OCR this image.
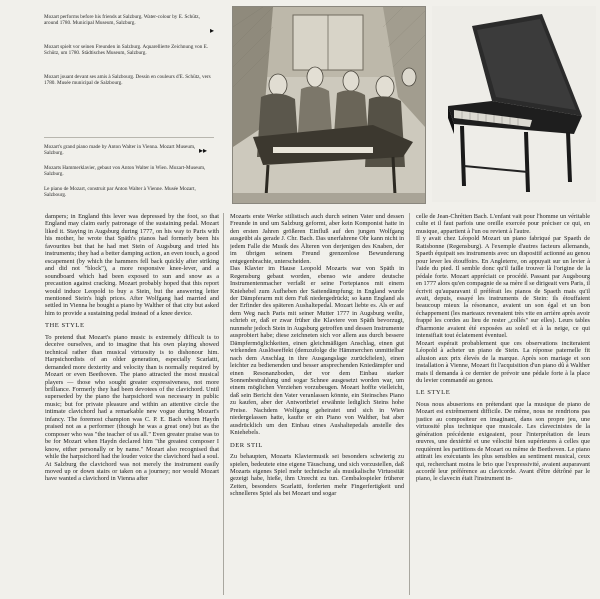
Mozart performs before his friends at Salzburg. Water-colour by E. Schütz, around 1780. Municipal Museum, Salzburg.
▸
Mozart spielt vor seinen Freunden in Salzburg. Aquarellierte Zeichnung von E. Schütz, um 1780. Städtisches Museum, Salzburg.
Mozart jouant devant ses amis à Salzbourg. Dessin en couleurs d'E. Schütz, vers 1780. Musée municipal de Salzbourg.
Mozart's grand piano made by Anton Walter in Vienna. Mozart Museum, Salzburg.	▸▸
Mozarts Hammerklavier, gebaut von Anton Walter in Wien. Mozart-Museum, Salzburg.
Le piano de Mozart, construit par Anton Walter à Vienne. Musée Mozart, Salzbourg.

dampers; in England this lever was depressed by the foot, so that England may claim early patronage of the sustaining pedal. Mozart liked it. Staying in Augsburg during 1777, on his way to Paris with his mother, he wrote that Späth's pianos had formerly been his favourites but that he had met Stein of Augsburg and tried his instruments; they had a better damping action, an even touch, a good escapement (by which the hammers fell back quickly after striking and did not "block"), a more responsive knee-lever, and a soundboard which had been exposed to sun and snow as a precaution against cracking. Mozart probably hoped that this report would induce Leopold to buy a Stein, but the answering letter mentioned Stein's high prices. After Wolfgang had married and settled in Vienna he bought a piano by Walther of that city but asked him to provide a sustaining pedal instead of a knee device.

THE STYLE

To pretend that Mozart's piano music is extremely difficult is to deceive ourselves, and to imagine that his own playing showed technical rather than musical virtuosity is to dishonour him. Harpsichordists of an older generation, especially Scarlatti, demanded more dexterity and velocity than is normally required by Mozart or even Beethoven. The piano attracted the most musical players — those who sought greater expressiveness, not more brilliance. Formerly they had been devotees of the clavichord. Until superseded by the piano the harpsichord was necessary in public music; but for private pleasure and within an attentive circle the intimate clavichord had a remarkable new vogue during Mozart's infancy. The foremost champion was C. P. E. Bach whom Haydn praised not as a performer (though he was a great one) but as the composer who was "the teacher of us all." Even greater praise was to be for Mozart when Haydn declared him "the greatest composer I know, either personally or by name." Mozart also recognised that while the harpsichord had the louder voice the clavichord had a soul. At Salzburg the clavichord was not merely the instrument easily moved up or down stairs or taken on a journey; nor would Mozart have wanted a clavichord in Vienna after

Mozarts erste Werke stilistisch auch durch seinen Vater und dessen Freunde in und um Salzburg geformt, aber kein Komponist hatte in den ersten Jahren größeren Einfluß auf den jungen Wolfgang ausgeübt als gerade J. Chr. Bach. Das unerfahrene Ohr kann nicht in jedem Falle die Musik des Älteren von derjenigen des Knaben, der im übrigen seinem Freund grenzenlose Bewunderung entgegenbrachte, unterscheiden.

Das Klavier im Hause Leopold Mozarts war von Späth in Regensburg gebaut worden, ebenso wie andere deutsche Instrumentenmacher verfaßt er seine Fortepianos mit einem Kniehebel zum Aufheben der Saitendämpfung; in England wurde der Dämpferarm mit dem Fuß niedergedrückt; so kann England als der Erfinder des späteren Aushaltepedal. Mozart liebte es. Als er auf dem Weg nach Paris mit seiner Mutter 1777 in Augsburg weilte, schrieb er, daß er zwar früher die Klaviere von Späth bevorzugt, nunmehr jedoch Stein in Augsburg getroffen und dessen Instrumente ausprobiert habe; diese zeichneten sich vor allem aus durch bessere Dämpfermöglichkeiten, einen gleichmäßigen Anschlag, einen gut wirkenden Auslöseeffekt (demzufolge die Hämmerchen unmittelbar nach dem Anschlag in ihre Ausgangslage zurückfielen), einen leichter zu bedienenden und besser ansprechenden Kniedämpfer und einen Resonanzboden, der vor dem Einbau starker Sonnenbestrahlung und sogar Schnee ausgesetzt worden war, um einem möglichen Verziehen vorzubeugen. Mozart hoffte vielleicht, daß sein Bericht den Vater veranlassen könnte, ein Steinsches Piano zu kaufen, aber der Antwortbrief erwähnte lediglich Steins hohe Preise. Nachdem Wolfgang geheiratet und sich in Wien niedergelassen hatte, kaufte er ein Piano von Walther, bat aber ausdrücklich um den Einbau eines Aushaltepedals anstelle des Kniehebels.

DER STIL

Zu behaupten, Mozarts Klaviermusik sei besonders schwierig zu spielen, bedeutete eine eigene Täuschung, und sich vorzustellen, daß Mozarts eigenes Spiel mehr technische als musikalische Virtuosität gezeigt habe, hieße, ihm Unrecht zu tun. Cembalospieler früherer Zeiten, besonders Scarlatti, forderten mehr Fingerfertigkeit und schnelleres Spiel als bei Mozart und sogar

celle de Jean-Chrétien Bach. L'enfant vait pour l'homme un véritable culte et il faut parfois une oreille exercée pour préciser ce qui, en musique, appartient à l'un ou revient à l'autre.

Il y avait chez Léopold Mozart un piano fabriqué par Spaeth de Ratisbonne (Regensburg). A l'exemple d'autres facteurs allemands, Spaeth équipait ses instruments avec un dispositif actionné au genou pour lever les étouffoirs. En Angleterre, on appuyait sur un levier à l'aide du pied. Il semble donc qu'il faille trouver là l'origine de la pédale forte. Mozart appréciait ce procédé. Passant par Augsbourg en 1777 alors qu'en compagnie de sa mère il se dirigeait vers Paris, il écrivit qu'auparavant il préférait les pianos de Spaeth mais qu'il avait, depuis, essayé les instruments de Stein: ils étouffaient beaucoup mieux la résonance, avaient un son égal et un bon échappement (les marteaux revenaient très vite en arrière après avoir frappé les cordes au lieu de rester „collés" sur elles). Leurs tables d'harmonie avaient été exposées au soleil et à la neige, ce qui intensifiait tout éclatement éventuel.

Mozart espérait probablement que ces observations inciteraient Léopold à acheter un piano de Stein. La réponse paternelle fit allusion aux prix élevés de la marque. Après son mariage et son installation à Vienne, Mozart fit l'acquisition d'un piano dû à Walther mais il demanda à ce dernier de prévoir une pédale forte à la place du levier commandé au genou.

LE STYLE

Nous nous abuserions en prétendant que la musique de piano de Mozart est extrêmement difficile. De même, nous ne rendrions pas justice au compositeur en imaginant, dans son propre jeu, une virtuosité plus technique que musicale. Les clavecinistes de la génération précédente exigeaient, pour l'interprétation de leurs œuvres, une dextérité et une vélocité bien supérieures à celles que requièrent les partitions de Mozart ou même de Beethoven. Le piano attirait les exécutants les plus sensibles au sentiment musical, ceux qui, recherchant moins le brio que l'expressivité, avaient auparavant accordé leur préférence au clavicorde. Avant d'être détrôné par le piano, le clavecin était l'instrument in-
